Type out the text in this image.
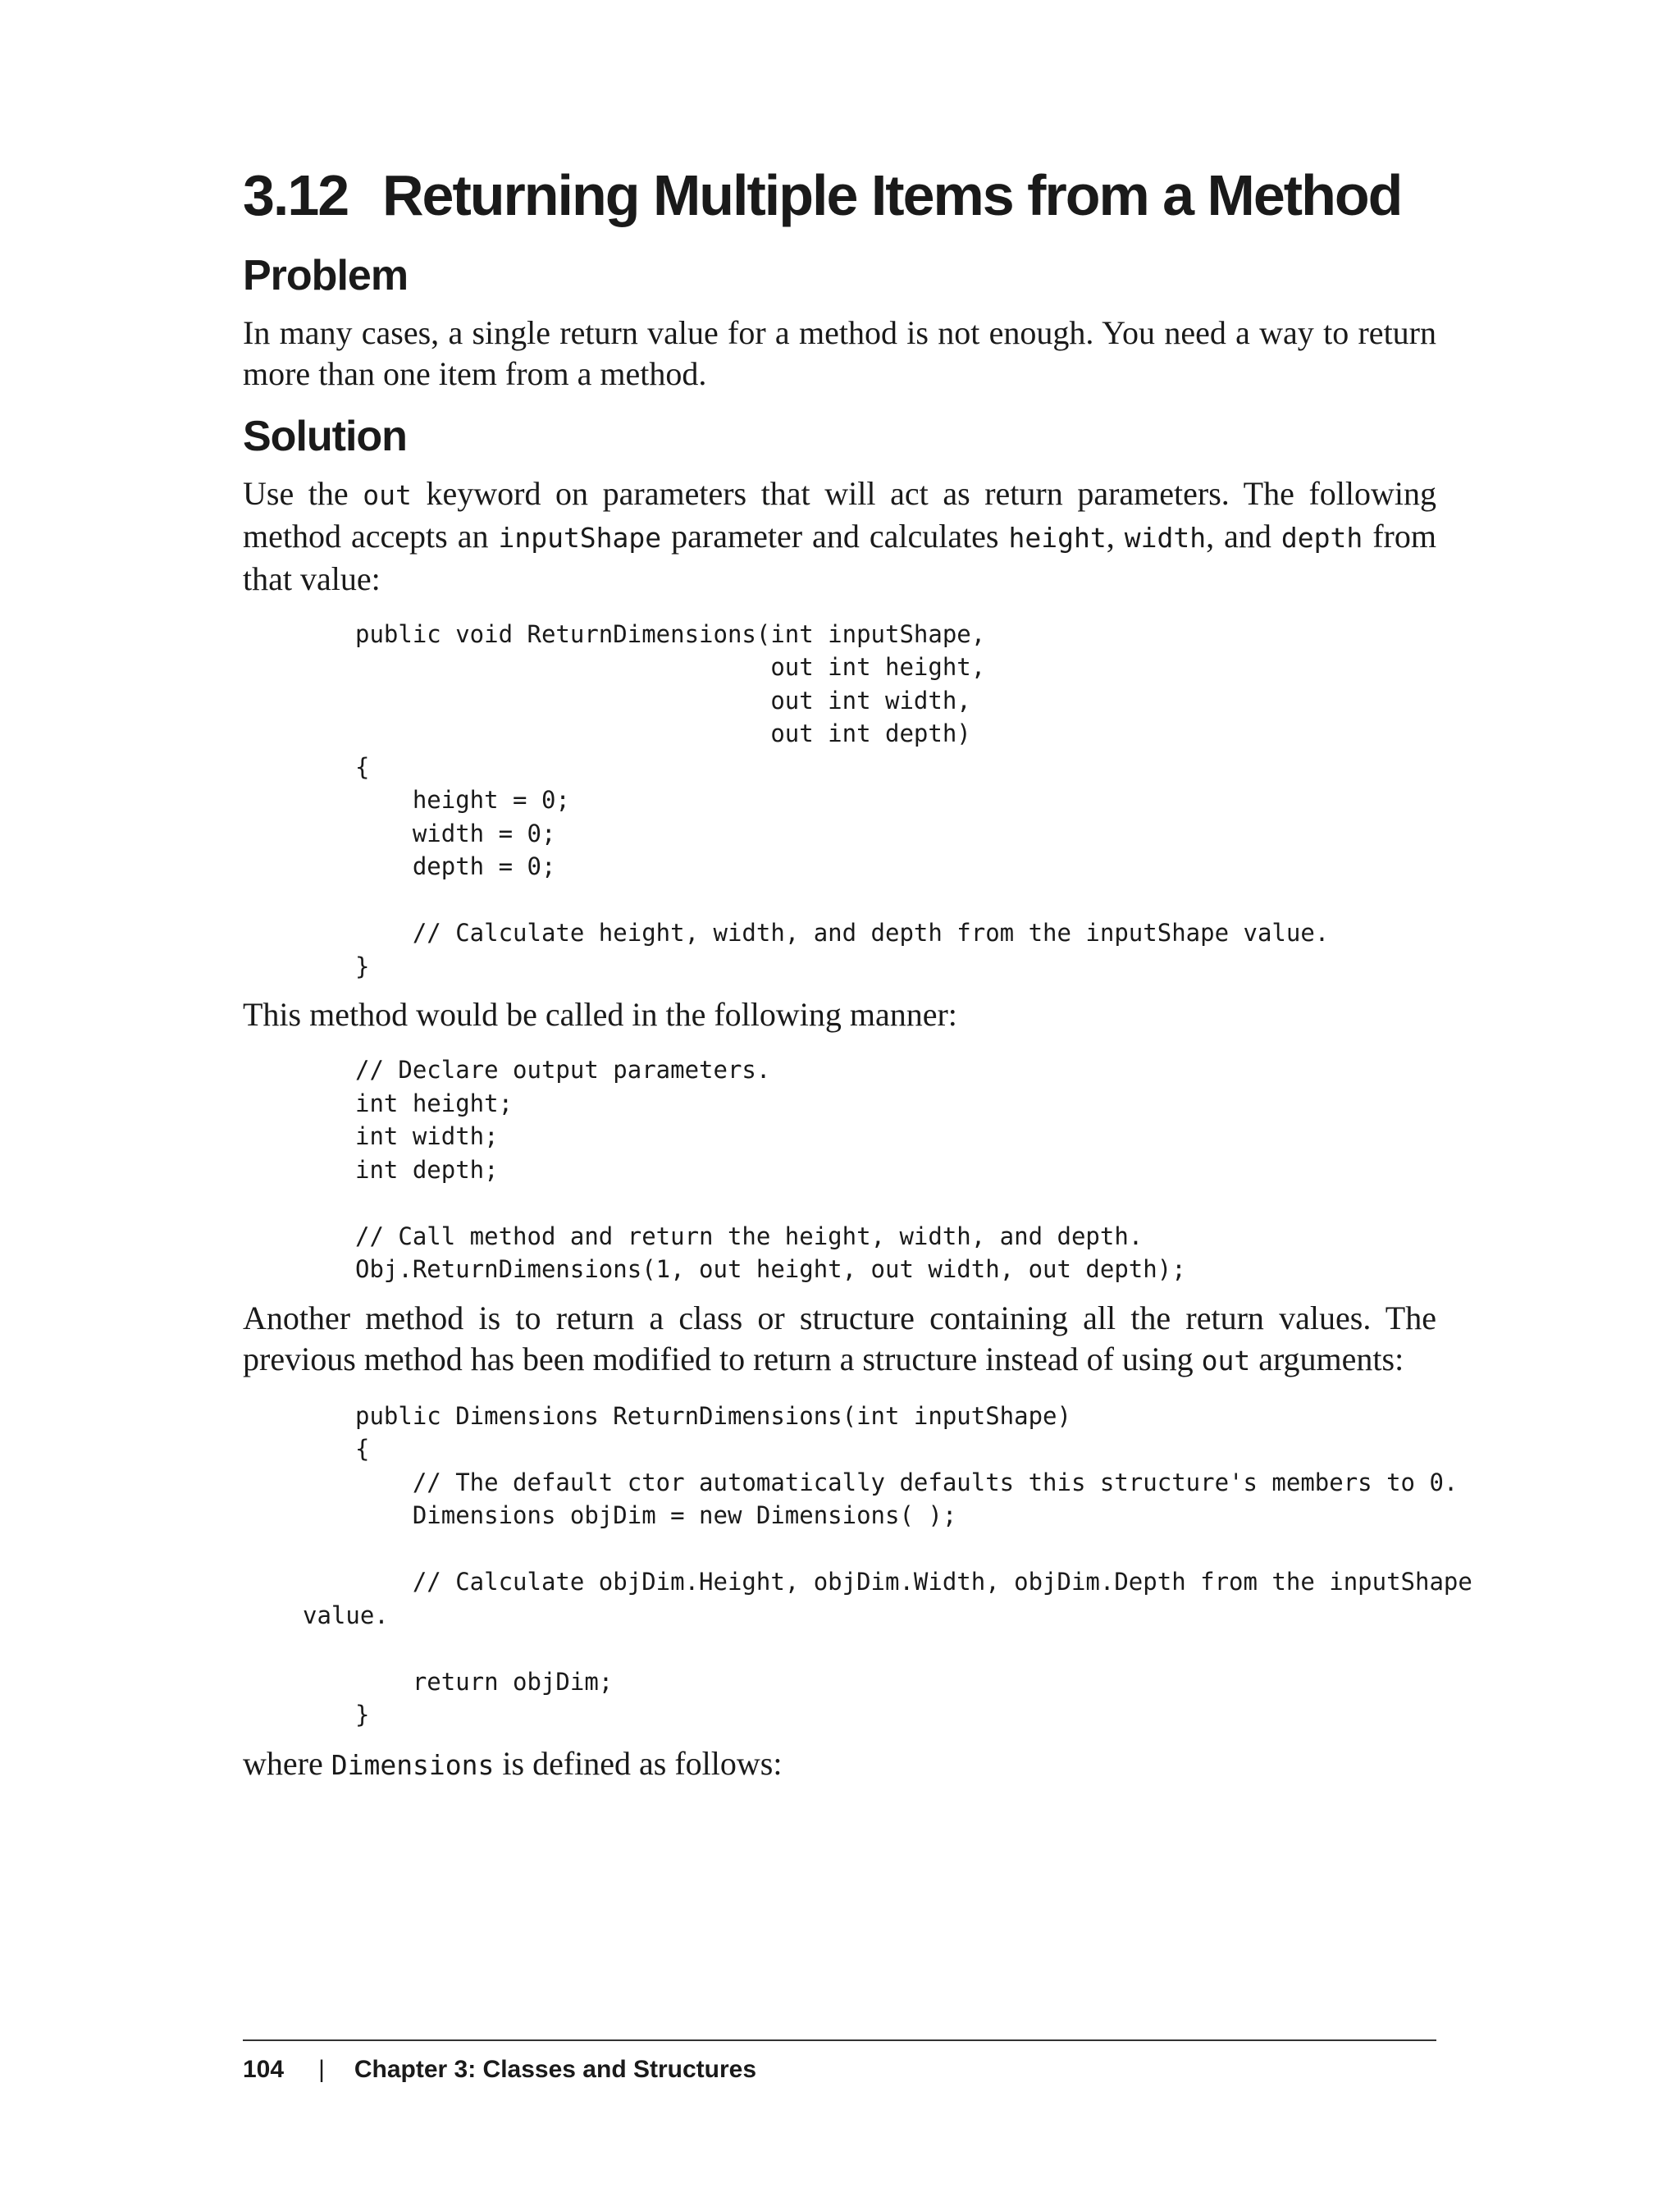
3.12 Returning Multiple Items from a Method
Problem

In many cases, a single return value for a method is not enough. You need a way to return more than one item from a method.

Solution

Use the out keyword on parameters that will act as return parameters. The following method accepts an inputShape parameter and calculates height, width, and depth from that value:

public void ReturnDimensions(int inputShape,
out int height,
out int width,
out int depth)
{
height = 0;
width = 0;
depth = 0;

// Calculate height, width, and depth from the inputShape value.
}

This method would be called in the following manner:

// Declare output parameters.
int height;
int width;
int depth;

// Call method and return the height, width, and depth.
Obj.ReturnDimensions(1, out height, out width, out depth);

Another method is to return a class or structure containing all the return values. The previous method has been modified to return a structure instead of using out arguments:

public Dimensions ReturnDimensions(int inputShape)
{
// The default ctor automatically defaults this structure's members to 0.
Dimensions objDim = new Dimensions( );

// Calculate objDim.Height, objDim.Width, objDim.Depth from the inputShape
value.

return objDim;
}

where Dimensions is defined as follows:

104 | Chapter 3: Classes and Structures
